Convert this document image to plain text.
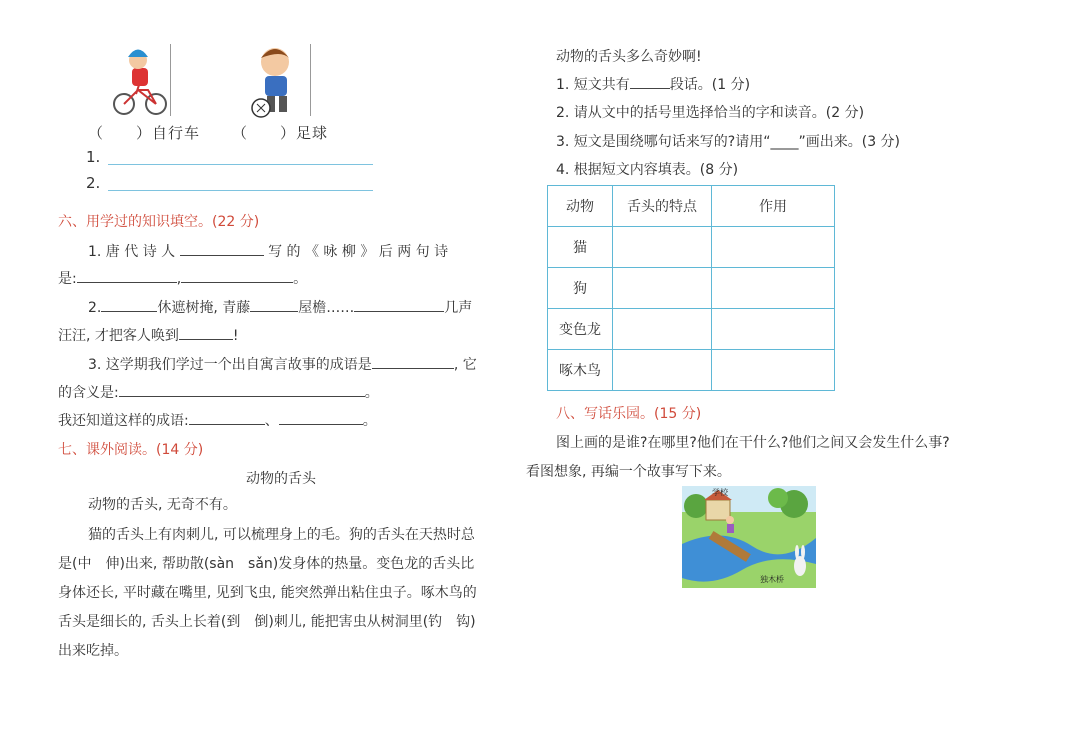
（　　）自行车 （　　）足球
1.
2.
六、用学过的知识填空。(22 分)
1. 唐 代 诗 人	写 的 《 咏 柳 》 后 两 句 诗
是:	,	。
2.	休遮树掩, 青藤	屋檐……	几声
汪汪, 才把客人唤到	!
3. 这学期我们学过一个出自寓言故事的成语是	, 它
的含义是:	。
我还知道这样的成语:	、	。
七、课外阅读。(14 分)
动物的舌头
动物的舌头, 无奇不有。
猫的舌头上有肉刺儿, 可以梳理身上的毛。狗的舌头在天热时总
是(中　伸)出来, 帮助散(sàn　sǎn)发身体的热量。变色龙的舌头比
身体还长, 平时藏在嘴里, 见到飞虫, 能突然弹出粘住虫子。啄木鸟的
舌头是细长的, 舌头上长着(到　倒)刺儿, 能把害虫从树洞里(钓　钩)
出来吃掉。
动物的舌头多么奇妙啊!
1. 短文共有	段话。(1 分)
2. 请从文中的括号里选择恰当的字和读音。(2 分)
3. 短文是围绕哪句话来写的?请用“____”画出来。(3 分)
4. 根据短文内容填表。(8 分)
动物	舌头的特点	作用
猫		
狗		
变色龙		
啄木鸟		
八、写话乐园。(15 分)
图上画的是谁?在哪里?他们在干什么?他们之间又会发生什么事?
看图想象, 再编一个故事写下来。
学校
独木桥
